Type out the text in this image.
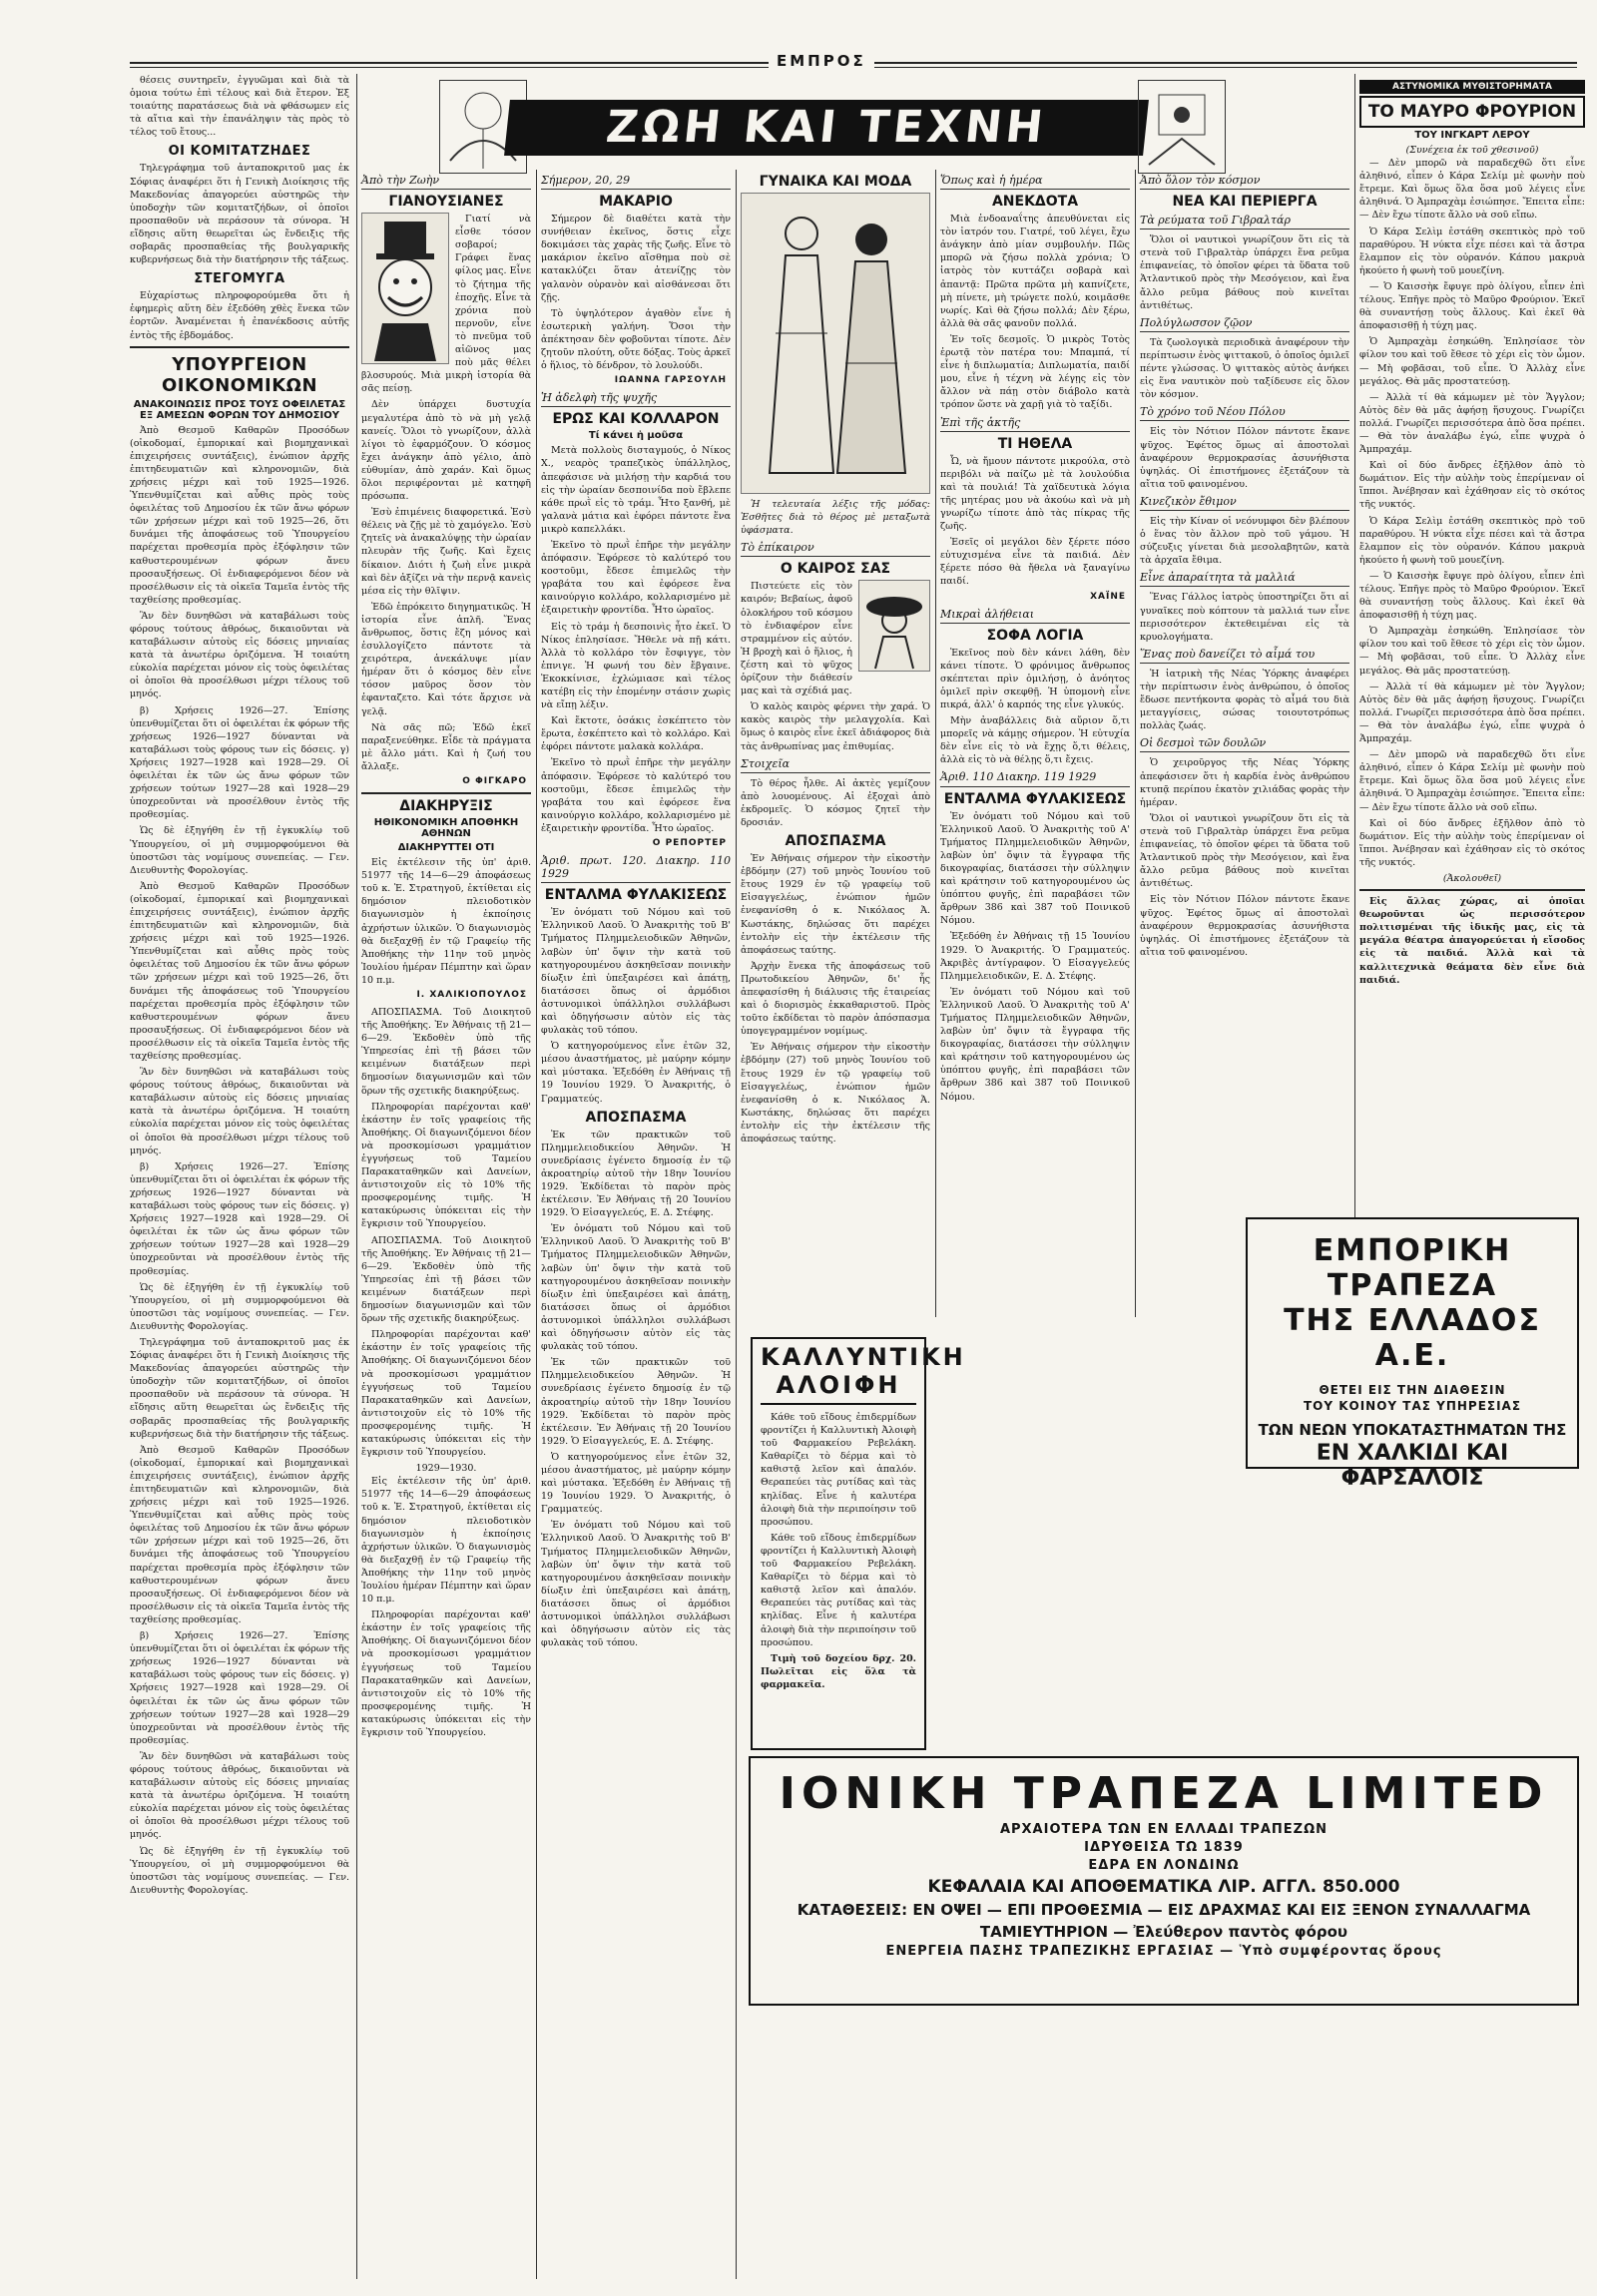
ΕΜΠΡΟΣ
ΖΩΗ ΚΑΙ ΤΕΧΝΗ

θέσεις συντηρεῖν, ἐγγυῶμαι καὶ διὰ τὰ ὁμοια τούτω ἐπὶ τέλους καὶ διὰ ἕτερον. Ἐξ τοιαύτης παρατάσεως διὰ νὰ φθάσωμεν εἰς τὰ αἴτια καὶ τὴν ἐπανάληψιν τὰς πρὸς τὸ τέλος τοῦ ἔτους...

ΟΙ ΚΟΜΙΤΑΤΖΗΔΕΣ

Τηλεγράφημα τοῦ ἀνταποκριτοῦ μας ἐκ Σόφιας ἀναφέρει ὅτι ἡ Γενικὴ Διοίκησις τῆς Μακεδονίας ἀπαγορεύει αὐστηρῶς τὴν ὑποδοχὴν τῶν κομιτατζήδων, οἱ ὁποῖοι προσπαθοῦν νὰ περάσουν τὰ σύνορα. Ἡ εἴδησις αὕτη θεωρεῖται ὡς ἔνδειξις τῆς σοβαρᾶς προσπαθείας τῆς βουλγαρικῆς κυβερνήσεως διὰ τὴν διατήρησιν τῆς τάξεως.

ΣΤΕΓΟΜΥΓΑ

Εὐχαρίστως πληροφορούμεθα ὅτι ἡ ἐφημερὶς αὕτη δὲν ἐξεδόθη χθὲς ἕνεκα τῶν ἑορτῶν. Ἀναμένεται ἡ ἐπανέκδοσις αὐτῆς ἐντὸς τῆς ἑβδομάδος.

ΥΠΟΥΡΓΕΙΟΝ ΟΙΚΟΝΟΜΙΚΩΝ
ΑΝΑΚΟΙΝΩΣΙΣ ΠΡΟΣ ΤΟΥΣ ΟΦΕΙΛΕΤΑΣ ΕΞ ΑΜΕΣΩΝ ΦΟΡΩΝ ΤΟΥ ΔΗΜΟΣΙΟΥ

Ἀπὸ Θεσμοῦ Καθαρῶν Προσόδων (οἰκοδομαί, ἐμπορικαί καὶ βιομηχανικαὶ ἐπιχειρήσεις συντάξεις), ἐνώπιον ἀρχῆς ἐπιτηδευματιῶν καὶ κληρονομιῶν, διὰ χρήσεις μέχρι καὶ τοῦ 1925—1926. Ὑπενθυμίζεται καὶ αὖθις πρὸς τοὺς ὀφειλέτας τοῦ Δημοσίου ἐκ τῶν ἄνω φόρων τῶν χρήσεων μέχρι καὶ τοῦ 1925—26, ὅτι δυνάμει τῆς ἀποφάσεως τοῦ Ὑπουργείου παρέχεται προθεσμία πρὸς ἐξόφλησιν τῶν καθυστερουμένων φόρων ἄνευ προσαυξήσεως. Οἱ ἐνδιαφερόμενοι δέον νὰ προσέλθωσιν εἰς τὰ οἰκεῖα Ταμεῖα ἐντὸς τῆς ταχθείσης προθεσμίας.

Ἂν δὲν δυνηθῶσι νὰ καταβάλωσι τοὺς φόρους τούτους ἀθρόως, δικαιοῦνται νὰ καταβάλωσιν αὐτοὺς εἰς δόσεις μηνιαίας κατὰ τὰ ἀνωτέρω ὁριζόμενα. Ἡ τοιαύτη εὐκολία παρέχεται μόνον εἰς τοὺς ὀφειλέτας οἱ ὁποῖοι θὰ προσέλθωσι μέχρι τέλους τοῦ μηνός.

β) Χρήσεις 1926—27. Ἐπίσης ὑπενθυμίζεται ὅτι οἱ ὀφειλέται ἐκ φόρων τῆς χρήσεως 1926—1927 δύνανται νὰ καταβάλωσι τοὺς φόρους των εἰς δόσεις. γ) Χρήσεις 1927—1928 καὶ 1928—29. Οἱ ὀφειλέται ἐκ τῶν ὡς ἄνω φόρων τῶν χρήσεων τούτων 1927—28 καὶ 1928—29 ὑποχρεοῦνται νὰ προσέλθουν ἐντὸς τῆς προθεσμίας.

Ὡς δὲ ἐξηγήθη ἐν τῇ ἐγκυκλίῳ τοῦ Ὑπουργείου, οἱ μὴ συμμορφούμενοι θὰ ὑποστῶσι τὰς νομίμους συνεπείας. — Γεν. Διευθυντὴς Φορολογίας.

Ἀπὸ Θεσμοῦ Καθαρῶν Προσόδων (οἰκοδομαί, ἐμπορικαί καὶ βιομηχανικαὶ ἐπιχειρήσεις συντάξεις), ἐνώπιον ἀρχῆς ἐπιτηδευματιῶν καὶ κληρονομιῶν, διὰ χρήσεις μέχρι καὶ τοῦ 1925—1926. Ὑπενθυμίζεται καὶ αὖθις πρὸς τοὺς ὀφειλέτας τοῦ Δημοσίου ἐκ τῶν ἄνω φόρων τῶν χρήσεων μέχρι καὶ τοῦ 1925—26, ὅτι δυνάμει τῆς ἀποφάσεως τοῦ Ὑπουργείου παρέχεται προθεσμία πρὸς ἐξόφλησιν τῶν καθυστερουμένων φόρων ἄνευ προσαυξήσεως. Οἱ ἐνδιαφερόμενοι δέον νὰ προσέλθωσιν εἰς τὰ οἰκεῖα Ταμεῖα ἐντὸς τῆς ταχθείσης προθεσμίας.

Ἂν δὲν δυνηθῶσι νὰ καταβάλωσι τοὺς φόρους τούτους ἀθρόως, δικαιοῦνται νὰ καταβάλωσιν αὐτοὺς εἰς δόσεις μηνιαίας κατὰ τὰ ἀνωτέρω ὁριζόμενα. Ἡ τοιαύτη εὐκολία παρέχεται μόνον εἰς τοὺς ὀφειλέτας οἱ ὁποῖοι θὰ προσέλθωσι μέχρι τέλους τοῦ μηνός.

β) Χρήσεις 1926—27. Ἐπίσης ὑπενθυμίζεται ὅτι οἱ ὀφειλέται ἐκ φόρων τῆς χρήσεως 1926—1927 δύνανται νὰ καταβάλωσι τοὺς φόρους των εἰς δόσεις. γ) Χρήσεις 1927—1928 καὶ 1928—29. Οἱ ὀφειλέται ἐκ τῶν ὡς ἄνω φόρων τῶν χρήσεων τούτων 1927—28 καὶ 1928—29 ὑποχρεοῦνται νὰ προσέλθουν ἐντὸς τῆς προθεσμίας.

Ὡς δὲ ἐξηγήθη ἐν τῇ ἐγκυκλίῳ τοῦ Ὑπουργείου, οἱ μὴ συμμορφούμενοι θὰ ὑποστῶσι τὰς νομίμους συνεπείας. — Γεν. Διευθυντὴς Φορολογίας.

Τηλεγράφημα τοῦ ἀνταποκριτοῦ μας ἐκ Σόφιας ἀναφέρει ὅτι ἡ Γενικὴ Διοίκησις τῆς Μακεδονίας ἀπαγορεύει αὐστηρῶς τὴν ὑποδοχὴν τῶν κομιτατζήδων, οἱ ὁποῖοι προσπαθοῦν νὰ περάσουν τὰ σύνορα. Ἡ εἴδησις αὕτη θεωρεῖται ὡς ἔνδειξις τῆς σοβαρᾶς προσπαθείας τῆς βουλγαρικῆς κυβερνήσεως διὰ τὴν διατήρησιν τῆς τάξεως.

Ἀπὸ Θεσμοῦ Καθαρῶν Προσόδων (οἰκοδομαί, ἐμπορικαί καὶ βιομηχανικαὶ ἐπιχειρήσεις συντάξεις), ἐνώπιον ἀρχῆς ἐπιτηδευματιῶν καὶ κληρονομιῶν, διὰ χρήσεις μέχρι καὶ τοῦ 1925—1926. Ὑπενθυμίζεται καὶ αὖθις πρὸς τοὺς ὀφειλέτας τοῦ Δημοσίου ἐκ τῶν ἄνω φόρων τῶν χρήσεων μέχρι καὶ τοῦ 1925—26, ὅτι δυνάμει τῆς ἀποφάσεως τοῦ Ὑπουργείου παρέχεται προθεσμία πρὸς ἐξόφλησιν τῶν καθυστερουμένων φόρων ἄνευ προσαυξήσεως. Οἱ ἐνδιαφερόμενοι δέον νὰ προσέλθωσιν εἰς τὰ οἰκεῖα Ταμεῖα ἐντὸς τῆς ταχθείσης προθεσμίας.

β) Χρήσεις 1926—27. Ἐπίσης ὑπενθυμίζεται ὅτι οἱ ὀφειλέται ἐκ φόρων τῆς χρήσεως 1926—1927 δύνανται νὰ καταβάλωσι τοὺς φόρους των εἰς δόσεις. γ) Χρήσεις 1927—1928 καὶ 1928—29. Οἱ ὀφειλέται ἐκ τῶν ὡς ἄνω φόρων τῶν χρήσεων τούτων 1927—28 καὶ 1928—29 ὑποχρεοῦνται νὰ προσέλθουν ἐντὸς τῆς προθεσμίας.

Ἂν δὲν δυνηθῶσι νὰ καταβάλωσι τοὺς φόρους τούτους ἀθρόως, δικαιοῦνται νὰ καταβάλωσιν αὐτοὺς εἰς δόσεις μηνιαίας κατὰ τὰ ἀνωτέρω ὁριζόμενα. Ἡ τοιαύτη εὐκολία παρέχεται μόνον εἰς τοὺς ὀφειλέτας οἱ ὁποῖοι θὰ προσέλθωσι μέχρι τέλους τοῦ μηνός.

Ὡς δὲ ἐξηγήθη ἐν τῇ ἐγκυκλίῳ τοῦ Ὑπουργείου, οἱ μὴ συμμορφούμενοι θὰ ὑποστῶσι τὰς νομίμους συνεπείας. — Γεν. Διευθυντὴς Φορολογίας.

Ἀπὸ τὴν Ζωὴν
ΓΙΑΝΟΥΣΙΑΝΕΣ

Γιατί νὰ εἶσθε τόσον σοβαροί; Γράφει ἕνας φίλος μας. Εἶνε τὸ ζήτημα τῆς ἐποχῆς. Εἶνε τὰ χρόνια ποὺ περνοῦν, εἶνε τὸ πνεῦμα τοῦ αἰῶνος μας ποὺ μᾶς θέλει βλοσυρούς. Μιὰ μικρὴ ἱστορία θὰ σᾶς πείσῃ.

Δὲν ὑπάρχει δυστυχία μεγαλυτέρα ἀπὸ τὸ νὰ μὴ γελᾷ κανείς. Ὅλοι τὸ γνωρίζουν, ἀλλὰ λίγοι τὸ ἐφαρμόζουν. Ὁ κόσμος ἔχει ἀνάγκην ἀπὸ γέλιο, ἀπὸ εὐθυμίαν, ἀπὸ χαράν. Καὶ ὅμως ὅλοι περιφέρονται μὲ κατηφῆ πρόσωπα.

Ἐσὺ ἐπιμένεις διαφορετικά. Ἐσὺ θέλεις νὰ ζῇς μὲ τὸ χαμόγελο. Ἐσὺ ζητεῖς νὰ ἀνακαλύψῃς τὴν ὡραίαν πλευρὰν τῆς ζωῆς. Καὶ ἔχεις δίκαιον. Διότι ἡ ζωὴ εἶνε μικρὰ καὶ δὲν ἀξίζει νὰ τὴν περνᾷ κανεὶς μέσα εἰς τὴν θλῖψιν.

Ἐδῶ ἐπρόκειτο διηγηματικῶς. Ἡ ἱστορία εἶνε ἁπλῆ. Ἕνας ἄνθρωπος, ὅστις ἔζη μόνος καὶ ἐσυλλογίζετο πάντοτε τὰ χειρότερα, ἀνεκάλυψε μίαν ἡμέραν ὅτι ὁ κόσμος δὲν εἶνε τόσον μαῦρος ὅσον τὸν ἐφανταζετο. Καὶ τότε ἄρχισε νὰ γελᾷ.

Νὰ σᾶς πῶ; Ἐδῶ ἐκεῖ παραξενεύθηκε. Εἶδε τὰ πράγματα μὲ ἄλλο μάτι. Καὶ ἡ ζωή του ἄλλαξε.

Ο ΦΙΓΚΑΡΟ
ΔΙΑΚΗΡΥΞΙΣ
ΗΘΙΚΟΝΟΜΙΚΗ ΑΠΟΘΗΚΗ ΑΘΗΝΩΝ
ΔΙΑΚΗΡΥΤΤΕΙ ΟΤΙ

Εἰς ἐκτέλεσιν τῆς ὑπ' ἀριθ. 51977 τῆς 14—6—29 ἀποφάσεως τοῦ κ. Ἐ. Στρατηγοῦ, ἐκτίθεται εἰς δημόσιον πλειοδοτικὸν διαγωνισμὸν ἡ ἐκποίησις ἀχρήστων ὑλικῶν. Ὁ διαγωνισμὸς θὰ διεξαχθῇ ἐν τῷ Γραφείῳ τῆς Ἀποθήκης τὴν 11ην τοῦ μηνὸς Ἰουλίου ἡμέραν Πέμπτην καὶ ὥραν 10 π.μ.

Ι. ΧΑΛΙΚΙΟΠΟΥΛΟΣ

ΑΠΟΣΠΑΣΜΑ. Τοῦ Διοικητοῦ τῆς Ἀποθήκης. Ἐν Ἀθήναις τῇ 21—6—29. Ἐκδοθὲν ὑπὸ τῆς Ὑπηρεσίας ἐπὶ τῇ βάσει τῶν κειμένων διατάξεων περὶ δημοσίων διαγωνισμῶν καὶ τῶν ὅρων τῆς σχετικῆς διακηρύξεως.

Πληροφορίαι παρέχονται καθ' ἑκάστην ἐν τοῖς γραφείοις τῆς Ἀποθήκης. Οἱ διαγωνιζόμενοι δέον νὰ προσκομίσωσι γραμμάτιον ἐγγυήσεως τοῦ Ταμείου Παρακαταθηκῶν καὶ Δανείων, ἀντιστοιχοῦν εἰς τὸ 10% τῆς προσφερομένης τιμῆς. Ἡ κατακύρωσις ὑπόκειται εἰς τὴν ἔγκρισιν τοῦ Ὑπουργείου.

ΑΠΟΣΠΑΣΜΑ. Τοῦ Διοικητοῦ τῆς Ἀποθήκης. Ἐν Ἀθήναις τῇ 21—6—29. Ἐκδοθὲν ὑπὸ τῆς Ὑπηρεσίας ἐπὶ τῇ βάσει τῶν κειμένων διατάξεων περὶ δημοσίων διαγωνισμῶν καὶ τῶν ὅρων τῆς σχετικῆς διακηρύξεως.

Πληροφορίαι παρέχονται καθ' ἑκάστην ἐν τοῖς γραφείοις τῆς Ἀποθήκης. Οἱ διαγωνιζόμενοι δέον νὰ προσκομίσωσι γραμμάτιον ἐγγυήσεως τοῦ Ταμείου Παρακαταθηκῶν καὶ Δανείων, ἀντιστοιχοῦν εἰς τὸ 10% τῆς προσφερομένης τιμῆς. Ἡ κατακύρωσις ὑπόκειται εἰς τὴν ἔγκρισιν τοῦ Ὑπουργείου.

1929—1930.

Εἰς ἐκτέλεσιν τῆς ὑπ' ἀριθ. 51977 τῆς 14—6—29 ἀποφάσεως τοῦ κ. Ἐ. Στρατηγοῦ, ἐκτίθεται εἰς δημόσιον πλειοδοτικὸν διαγωνισμὸν ἡ ἐκποίησις ἀχρήστων ὑλικῶν. Ὁ διαγωνισμὸς θὰ διεξαχθῇ ἐν τῷ Γραφείῳ τῆς Ἀποθήκης τὴν 11ην τοῦ μηνὸς Ἰουλίου ἡμέραν Πέμπτην καὶ ὥραν 10 π.μ.

Πληροφορίαι παρέχονται καθ' ἑκάστην ἐν τοῖς γραφείοις τῆς Ἀποθήκης. Οἱ διαγωνιζόμενοι δέον νὰ προσκομίσωσι γραμμάτιον ἐγγυήσεως τοῦ Ταμείου Παρακαταθηκῶν καὶ Δανείων, ἀντιστοιχοῦν εἰς τὸ 10% τῆς προσφερομένης τιμῆς. Ἡ κατακύρωσις ὑπόκειται εἰς τὴν ἔγκρισιν τοῦ Ὑπουργείου.

Σήμερον, 20, 29
ΜΑΚΑΡΙΟ

Σήμερον δὲ διαθέτει κατὰ τὴν συνήθειαν ἐκεῖνος, ὅστις εἶχε δοκιμάσει τὰς χαρὰς τῆς ζωῆς. Εἶνε τὸ μακάριον ἐκεῖνο αἴσθημα ποὺ σὲ κατακλύζει ὅταν ἀτενίζῃς τὸν γαλανὸν οὐρανὸν καὶ αἰσθάνεσαι ὅτι ζῇς.

Τὸ ὑψηλότερον ἀγαθὸν εἶνε ἡ ἐσωτερικὴ γαλήνη. Ὅσοι τὴν ἀπέκτησαν δὲν φοβοῦνται τίποτε. Δὲν ζητοῦν πλούτη, οὔτε δόξας. Τοὺς ἀρκεῖ ὁ ἥλιος, τὸ δένδρον, τὸ λουλούδι.

ΙΩΑΝΝΑ ΓΑΡΣΟΥΛΗ
Ἡ ἀδελφὴ τῆς ψυχῆς
ΕΡΩΣ ΚΑΙ ΚΟΛΛΑΡΟΝ
Τί κάνει ἡ μοῦσα

Μετὰ πολλοὺς δισταγμούς, ὁ Νίκος Χ., νεαρὸς τραπεζικὸς ὑπάλληλος, ἀπεφάσισε νὰ μιλήσῃ τὴν καρδιά του εἰς τὴν ὡραίαν δεσποινίδα ποὺ ἔβλεπε κάθε πρωῒ εἰς τὸ τράμ. Ἦτο ξανθή, μὲ γαλανὰ μάτια καὶ ἐφόρει πάντοτε ἕνα μικρὸ καπελλάκι.

Ἐκεῖνο τὸ πρωῒ ἐπῆρε τὴν μεγάλην ἀπόφασιν. Ἐφόρεσε τὸ καλύτερό του κοστοῦμι, ἔδεσε ἐπιμελῶς τὴν γραβάτα του καὶ ἐφόρεσε ἕνα καινούργιο κολλάρο, κολλαρισμένο μὲ ἐξαιρετικὴν φροντίδα. Ἦτο ὡραῖος.

Εἰς τὸ τράμ ἡ δεσποινὶς ἦτο ἐκεῖ. Ὁ Νίκος ἐπλησίασε. Ἤθελε νὰ πῇ κάτι. Ἀλλὰ τὸ κολλάρο τὸν ἔσφιγγε, τὸν ἐπνιγε. Ἡ φωνή του δὲν ἔβγαινε. Ἐκοκκίνισε, ἐχλώμιασε καὶ τέλος κατέβη εἰς τὴν ἑπομένην στάσιν χωρὶς νὰ εἴπῃ λέξιν.

Καὶ ἔκτοτε, ὁσάκις ἐσκέπτετο τὸν ἔρωτα, ἐσκέπτετο καὶ τὸ κολλάρο. Καὶ ἐφόρει πάντοτε μαλακὰ κολλάρα.

Ἐκεῖνο τὸ πρωῒ ἐπῆρε τὴν μεγάλην ἀπόφασιν. Ἐφόρεσε τὸ καλύτερό του κοστοῦμι, ἔδεσε ἐπιμελῶς τὴν γραβάτα του καὶ ἐφόρεσε ἕνα καινούργιο κολλάρο, κολλαρισμένο μὲ ἐξαιρετικὴν φροντίδα. Ἦτο ὡραῖος.

Ο ΡΕΠΟΡΤΕΡ
Ἀριθ. πρωτ. 120. Διακηρ. 110 1929
ΕΝΤΑΛΜΑ ΦΥΛΑΚΙΣΕΩΣ

Ἐν ὀνόματι τοῦ Νόμου καὶ τοῦ Ἑλληνικοῦ Λαοῦ. Ὁ Ἀνακριτὴς τοῦ Β' Τμήματος Πλημμελειοδικῶν Ἀθηνῶν, λαβὼν ὑπ' ὄψιν τὴν κατὰ τοῦ κατηγορουμένου ἀσκηθεῖσαν ποινικὴν δίωξιν ἐπὶ ὑπεξαιρέσει καὶ ἀπάτῃ, διατάσσει ὅπως οἱ ἁρμόδιοι ἀστυνομικοὶ ὑπάλληλοι συλλάβωσι καὶ ὁδηγήσωσιν αὐτὸν εἰς τὰς φυλακὰς τοῦ τόπου.

Ὁ κατηγορούμενος εἶνε ἐτῶν 32, μέσου ἀναστήματος, μὲ μαύρην κόμην καὶ μύστακα. Ἐξεδόθη ἐν Ἀθήναις τῇ 19 Ἰουνίου 1929. Ὁ Ἀνακριτής, ὁ Γραμματεύς.

ΑΠΟΣΠΑΣΜΑ

Ἐκ τῶν πρακτικῶν τοῦ Πλημμελειοδικείου Ἀθηνῶν. Ἡ συνεδρίασις ἐγένετο δημοσίᾳ ἐν τῷ ἀκροατηρίῳ αὐτοῦ τὴν 18ην Ἰουνίου 1929. Ἐκδίδεται τὸ παρὸν πρὸς ἐκτέλεσιν. Ἐν Ἀθήναις τῇ 20 Ἰουνίου 1929. Ὁ Εἰσαγγελεύς, Ε. Δ. Στέφης.

Ἐν ὀνόματι τοῦ Νόμου καὶ τοῦ Ἑλληνικοῦ Λαοῦ. Ὁ Ἀνακριτὴς τοῦ Β' Τμήματος Πλημμελειοδικῶν Ἀθηνῶν, λαβὼν ὑπ' ὄψιν τὴν κατὰ τοῦ κατηγορουμένου ἀσκηθεῖσαν ποινικὴν δίωξιν ἐπὶ ὑπεξαιρέσει καὶ ἀπάτῃ, διατάσσει ὅπως οἱ ἁρμόδιοι ἀστυνομικοὶ ὑπάλληλοι συλλάβωσι καὶ ὁδηγήσωσιν αὐτὸν εἰς τὰς φυλακὰς τοῦ τόπου.

Ἐκ τῶν πρακτικῶν τοῦ Πλημμελειοδικείου Ἀθηνῶν. Ἡ συνεδρίασις ἐγένετο δημοσίᾳ ἐν τῷ ἀκροατηρίῳ αὐτοῦ τὴν 18ην Ἰουνίου 1929. Ἐκδίδεται τὸ παρὸν πρὸς ἐκτέλεσιν. Ἐν Ἀθήναις τῇ 20 Ἰουνίου 1929. Ὁ Εἰσαγγελεύς, Ε. Δ. Στέφης.

Ὁ κατηγορούμενος εἶνε ἐτῶν 32, μέσου ἀναστήματος, μὲ μαύρην κόμην καὶ μύστακα. Ἐξεδόθη ἐν Ἀθήναις τῇ 19 Ἰουνίου 1929. Ὁ Ἀνακριτής, ὁ Γραμματεύς.

Ἐν ὀνόματι τοῦ Νόμου καὶ τοῦ Ἑλληνικοῦ Λαοῦ. Ὁ Ἀνακριτὴς τοῦ Β' Τμήματος Πλημμελειοδικῶν Ἀθηνῶν, λαβὼν ὑπ' ὄψιν τὴν κατὰ τοῦ κατηγορουμένου ἀσκηθεῖσαν ποινικὴν δίωξιν ἐπὶ ὑπεξαιρέσει καὶ ἀπάτῃ, διατάσσει ὅπως οἱ ἁρμόδιοι ἀστυνομικοὶ ὑπάλληλοι συλλάβωσι καὶ ὁδηγήσωσιν αὐτὸν εἰς τὰς φυλακὰς τοῦ τόπου.

ΓΥΝΑΙΚΑ ΚΑΙ ΜΟΔΑ

Ἡ τελευταία λέξις τῆς μόδας: Ἐσθῆτες διὰ τὸ θέρος μὲ μεταξωτὰ ὑφάσματα.

Τὸ ἐπίκαιρον
Ο ΚΑΙΡΟΣ ΣΑΣ

Πιστεύετε εἰς τὸν καιρόν; Βεβαίως, ἀφοῦ ὁλοκλήρου τοῦ κόσμου τὸ ἐνδιαφέρον εἶνε στραμμένον εἰς αὐτόν. Ἡ βροχὴ καὶ ὁ ἥλιος, ἡ ζέστη καὶ τὸ ψῦχος ὁρίζουν τὴν διάθεσίν μας καὶ τὰ σχέδιά μας.

Ὁ καλὸς καιρὸς φέρνει τὴν χαρά. Ὁ κακὸς καιρὸς τὴν μελαγχολία. Καὶ ὅμως ὁ καιρὸς εἶνε ἐκεῖ ἀδιάφορος διὰ τὰς ἀνθρωπίνας μας ἐπιθυμίας.

Στοιχεῖα

Τὸ θέρος ἦλθε. Αἱ ἀκτὲς γεμίζουν ἀπὸ λουομένους. Αἱ ἐξοχαὶ ἀπὸ ἐκδρομεῖς. Ὁ κόσμος ζητεῖ τὴν δροσιάν.

ΑΠΟΣΠΑΣΜΑ

Ἐν Ἀθήναις σήμερον τὴν εἰκοστὴν ἐβδόμην (27) τοῦ μηνὸς Ἰουνίου τοῦ ἔτους 1929 ἐν τῷ γραφείῳ τοῦ Εἰσαγγελέως, ἐνώπιον ἡμῶν ἐνεφανίσθη ὁ κ. Νικόλαος Ἀ. Κωστάκης, δηλώσας ὅτι παρέχει ἐντολὴν εἰς τὴν ἐκτέλεσιν τῆς ἀποφάσεως ταύτης.

Ἀρχὴν ἕνεκα τῆς ἀποφάσεως τοῦ Πρωτοδικείου Ἀθηνῶν, δι' ἧς ἀπεφασίσθη ἡ διάλυσις τῆς ἑταιρείας καὶ ὁ διορισμὸς ἐκκαθαριστοῦ. Πρὸς τοῦτο ἐκδίδεται τὸ παρὸν ἀπόσπασμα ὑπογεγραμμένον νομίμως.

Ἐν Ἀθήναις σήμερον τὴν εἰκοστὴν ἐβδόμην (27) τοῦ μηνὸς Ἰουνίου τοῦ ἔτους 1929 ἐν τῷ γραφείῳ τοῦ Εἰσαγγελέως, ἐνώπιον ἡμῶν ἐνεφανίσθη ὁ κ. Νικόλαος Ἀ. Κωστάκης, δηλώσας ὅτι παρέχει ἐντολὴν εἰς τὴν ἐκτέλεσιν τῆς ἀποφάσεως ταύτης.

ΚΑΛΛΥΝΤΙΚΗ ΑΛΟΙΦΗ

Κάθε τοῦ εἴδους ἐπιδερμίδων φροντίζει ἡ Καλλυντικὴ Ἀλοιφὴ τοῦ Φαρμακείου Ρεβελάκη. Καθαρίζει τὸ δέρμα καὶ τὸ καθιστᾷ λεῖον καὶ ἁπαλόν. Θεραπεύει τὰς ρυτίδας καὶ τὰς κηλίδας. Εἶνε ἡ καλυτέρα ἀλοιφὴ διὰ τὴν περιποίησιν τοῦ προσώπου.

Κάθε τοῦ εἴδους ἐπιδερμίδων φροντίζει ἡ Καλλυντικὴ Ἀλοιφὴ τοῦ Φαρμακείου Ρεβελάκη. Καθαρίζει τὸ δέρμα καὶ τὸ καθιστᾷ λεῖον καὶ ἁπαλόν. Θεραπεύει τὰς ρυτίδας καὶ τὰς κηλίδας. Εἶνε ἡ καλυτέρα ἀλοιφὴ διὰ τὴν περιποίησιν τοῦ προσώπου.

Τιμὴ τοῦ δοχείου δρχ. 20. Πωλεῖται εἰς ὅλα τὰ φαρμακεῖα.

Ὅπως καὶ ἡ ἡμέρα
ΑΝΕΚΔΟΤΑ

Μιὰ ἐνδοαναΐτης ἀπευθύνεται εἰς τὸν ἰατρόν του. Γιατρέ, τοῦ λέγει, ἔχω ἀνάγκην ἀπὸ μίαν συμβουλήν. Πῶς μπορῶ νὰ ζήσω πολλὰ χρόνια; Ὁ ἰατρὸς τὸν κυττάζει σοβαρὰ καὶ ἀπαντᾷ: Πρῶτα πρῶτα μὴ καπνίζετε, μὴ πίνετε, μὴ τρώγετε πολύ, κοιμᾶσθε νωρίς. Καὶ θὰ ζήσω πολλά; Δὲν ξέρω, ἀλλὰ θὰ σᾶς φανοῦν πολλά.

Ἐν τοῖς δεσμοῖς. Ὁ μικρὸς Τοτὸς ἐρωτᾷ τὸν πατέρα του: Μπαμπά, τί εἶνε ἡ διπλωματία; Διπλωματία, παιδί μου, εἶνε ἡ τέχνη νὰ λέγῃς εἰς τὸν ἄλλον νὰ πάῃ στὸν διάβολο κατὰ τρόπον ὥστε νὰ χαρῇ γιὰ τὸ ταξίδι.

Ἐπὶ τῆς ἀκτῆς
ΤΙ ΗΘΕΛΑ

Ὦ, νὰ ἤμουν πάντοτε μικρούλα, στὸ περιβόλι νὰ παίζω μὲ τὰ λουλούδια καὶ τὰ πουλιά! Τὰ χαϊδευτικὰ λόγια τῆς μητέρας μου νὰ ἀκούω καὶ νὰ μὴ γνωρίζω τίποτε ἀπὸ τὰς πίκρας τῆς ζωῆς.

Ἐσεῖς οἱ μεγάλοι δὲν ξέρετε πόσο εὐτυχισμένα εἶνε τὰ παιδιά. Δὲν ξέρετε πόσο θὰ ἤθελα νὰ ξαναγίνω παιδί.

ΧΑΪΝΕ
Μικραὶ ἀλήθειαι
ΣΟΦΑ ΛΟΓΙΑ

Ἐκεῖνος ποὺ δὲν κάνει λάθη, δὲν κάνει τίποτε. Ὁ φρόνιμος ἄνθρωπος σκέπτεται πρὶν ὁμιλήσῃ, ὁ ἀνόητος ὁμιλεῖ πρὶν σκεφθῇ. Ἡ ὑπομονὴ εἶνε πικρά, ἀλλ' ὁ καρπός της εἶνε γλυκύς.

Μὴν ἀναβάλλεις διὰ αὔριον ὅ,τι μπορεῖς νὰ κάμῃς σήμερον. Ἡ εὐτυχία δὲν εἶνε εἰς τὸ νὰ ἔχῃς ὅ,τι θέλεις, ἀλλὰ εἰς τὸ νὰ θέλῃς ὅ,τι ἔχεις.

Ἀριθ. 110 Διακηρ. 119 1929
ΕΝΤΑΛΜΑ ΦΥΛΑΚΙΣΕΩΣ

Ἐν ὀνόματι τοῦ Νόμου καὶ τοῦ Ἑλληνικοῦ Λαοῦ. Ὁ Ἀνακριτὴς τοῦ Α' Τμήματος Πλημμελειοδικῶν Ἀθηνῶν, λαβὼν ὑπ' ὄψιν τὰ ἔγγραφα τῆς δικογραφίας, διατάσσει τὴν σύλληψιν καὶ κράτησιν τοῦ κατηγορουμένου ὡς ὑπόπτου φυγῆς, ἐπὶ παραβάσει τῶν ἄρθρων 386 καὶ 387 τοῦ Ποινικοῦ Νόμου.

Ἐξεδόθη ἐν Ἀθήναις τῇ 15 Ἰουνίου 1929. Ὁ Ἀνακριτής. Ὁ Γραμματεύς. Ἀκριβὲς ἀντίγραφον. Ὁ Εἰσαγγελεύς Πλημμελειοδικῶν, Ε. Δ. Στέφης.

Ἐν ὀνόματι τοῦ Νόμου καὶ τοῦ Ἑλληνικοῦ Λαοῦ. Ὁ Ἀνακριτὴς τοῦ Α' Τμήματος Πλημμελειοδικῶν Ἀθηνῶν, λαβὼν ὑπ' ὄψιν τὰ ἔγγραφα τῆς δικογραφίας, διατάσσει τὴν σύλληψιν καὶ κράτησιν τοῦ κατηγορουμένου ὡς ὑπόπτου φυγῆς, ἐπὶ παραβάσει τῶν ἄρθρων 386 καὶ 387 τοῦ Ποινικοῦ Νόμου.

Ἀπὸ ὅλον τὸν κόσμον
ΝΕΑ ΚΑΙ ΠΕΡΙΕΡΓΑ
Τὰ ρεύματα τοῦ Γιβραλτάρ

Ὅλοι οἱ ναυτικοὶ γνωρίζουν ὅτι εἰς τὰ στενὰ τοῦ Γιβραλτὰρ ὑπάρχει ἕνα ρεῦμα ἐπιφανείας, τὸ ὁποῖον φέρει τὰ ὕδατα τοῦ Ἀτλαντικοῦ πρὸς τὴν Μεσόγειον, καὶ ἕνα ἄλλο ρεῦμα βάθους ποὺ κινεῖται ἀντιθέτως.

Πολύγλωσσον ζῷον

Τὰ ζωολογικὰ περιοδικὰ ἀναφέρουν τὴν περίπτωσιν ἑνὸς ψιττακοῦ, ὁ ὁποῖος ὁμιλεῖ πέντε γλώσσας. Ὁ ψιττακὸς αὐτὸς ἀνήκει εἰς ἕνα ναυτικὸν ποὺ ταξίδευσε εἰς ὅλον τὸν κόσμον.

Τὸ χρόνο τοῦ Νέου Πόλου

Εἰς τὸν Νότιον Πόλον πάντοτε ἔκανε ψῦχος. Ἐφέτος ὅμως αἱ ἀποστολαὶ ἀναφέρουν θερμοκρασίας ἀσυνήθιστα ὑψηλάς. Οἱ ἐπιστήμονες ἐξετάζουν τὰ αἴτια τοῦ φαινομένου.

Κινεζικὸν ἔθιμον

Εἰς τὴν Κίναν οἱ νεόνυμφοι δὲν βλέπουν ὁ ἕνας τὸν ἄλλον πρὸ τοῦ γάμου. Ἡ σύζευξις γίνεται διὰ μεσολαβητῶν, κατὰ τὰ ἀρχαῖα ἔθιμα.

Εἶνε ἀπαραίτητα τὰ μαλλιά

Ἕνας Γάλλος ἰατρὸς ὑποστηρίζει ὅτι αἱ γυναῖκες ποὺ κόπτουν τὰ μαλλιά των εἶνε περισσότερον ἐκτεθειμέναι εἰς τὰ κρυολογήματα.

Ἕνας ποὺ δανείζει τὸ αἷμά του

Ἡ ἱατρικὴ τῆς Νέας Ὑόρκης ἀναφέρει τὴν περίπτωσιν ἑνὸς ἀνθρώπου, ὁ ὁποῖος ἔδωσε πεντήκοντα φορὰς τὸ αἷμά του διὰ μεταγγίσεις, σώσας τοιουτοτρόπως πολλὰς ζωάς.

Οἱ δεσμοὶ τῶν δουλῶν

Ὁ χειροῦργος τῆς Νέας Ὑόρκης ἀπεφάσισεν ὅτι ἡ καρδία ἑνὸς ἀνθρώπου κτυπᾷ περίπου ἑκατὸν χιλιάδας φορὰς τὴν ἡμέραν.

Ὅλοι οἱ ναυτικοὶ γνωρίζουν ὅτι εἰς τὰ στενὰ τοῦ Γιβραλτὰρ ὑπάρχει ἕνα ρεῦμα ἐπιφανείας, τὸ ὁποῖον φέρει τὰ ὕδατα τοῦ Ἀτλαντικοῦ πρὸς τὴν Μεσόγειον, καὶ ἕνα ἄλλο ρεῦμα βάθους ποὺ κινεῖται ἀντιθέτως.

Εἰς τὸν Νότιον Πόλον πάντοτε ἔκανε ψῦχος. Ἐφέτος ὅμως αἱ ἀποστολαὶ ἀναφέρουν θερμοκρασίας ἀσυνήθιστα ὑψηλάς. Οἱ ἐπιστήμονες ἐξετάζουν τὰ αἴτια τοῦ φαινομένου.

ΑΣΤΥΝΟΜΙΚΑ ΜΥΘΙΣΤΟΡΗΜΑΤΑ
ΤΟ ΜΑΥΡΟ ΦΡΟΥΡΙΟΝ
ΤΟΥ ΙΝΓΚΑΡΤ ΛΕΡΟΥ
(Συνέχεια ἐκ τοῦ χθεσινοῦ)

— Δὲν μπορῶ νὰ παραδεχθῶ ὅτι εἶνε ἀληθινό, εἶπεν ὁ Κάρα Σελίμ μὲ φωνὴν ποὺ ἔτρεμε. Καὶ ὅμως ὅλα ὅσα μοῦ λέγεις εἶνε ἀληθινά. Ὁ Ἀμπραχὰμ ἐσιώπησε. Ἔπειτα εἶπε: — Δὲν ἔχω τίποτε ἄλλο νὰ σοῦ εἴπω.

Ὁ Κάρα Σελὶμ ἐστάθη σκεπτικὸς πρὸ τοῦ παραθύρου. Ἡ νύκτα εἶχε πέσει καὶ τὰ ἄστρα ἔλαμπον εἰς τὸν οὐρανόν. Κάπου μακρυὰ ἠκούετο ἡ φωνὴ τοῦ μουεζίνη.

— Ὁ Καισσὴκ ἔφυγε πρὸ ὀλίγου, εἶπεν ἐπὶ τέλους. Ἐπῆγε πρὸς τὸ Μαῦρο Φρούριον. Ἐκεῖ θὰ συναντήσῃ τοὺς ἄλλους. Καὶ ἐκεῖ θὰ ἀποφασισθῇ ἡ τύχη μας.

Ὁ Ἀμπραχὰμ ἐσηκώθη. Ἐπλησίασε τὸν φίλον του καὶ τοῦ ἔθεσε τὸ χέρι εἰς τὸν ὦμον. — Μὴ φοβᾶσαι, τοῦ εἶπε. Ὁ Ἀλλὰχ εἶνε μεγάλος. Θὰ μᾶς προστατεύσῃ.

— Ἀλλὰ τί θὰ κάμωμεν μὲ τὸν Ἄγγλον; Αὐτὸς δὲν θὰ μᾶς ἀφήσῃ ἥσυχους. Γνωρίζει πολλά. Γνωρίζει περισσότερα ἀπὸ ὅσα πρέπει. — Θὰ τὸν ἀναλάβω ἐγώ, εἶπε ψυχρὰ ὁ Ἀμπραχάμ.

Καὶ οἱ δύο ἄνδρες ἐξῆλθον ἀπὸ τὸ δωμάτιον. Εἰς τὴν αὐλὴν τοὺς ἐπερίμεναν οἱ ἵπποι. Ἀνέβησαν καὶ ἐχάθησαν εἰς τὸ σκότος τῆς νυκτός.

Ὁ Κάρα Σελὶμ ἐστάθη σκεπτικὸς πρὸ τοῦ παραθύρου. Ἡ νύκτα εἶχε πέσει καὶ τὰ ἄστρα ἔλαμπον εἰς τὸν οὐρανόν. Κάπου μακρυὰ ἠκούετο ἡ φωνὴ τοῦ μουεζίνη.

— Ὁ Καισσὴκ ἔφυγε πρὸ ὀλίγου, εἶπεν ἐπὶ τέλους. Ἐπῆγε πρὸς τὸ Μαῦρο Φρούριον. Ἐκεῖ θὰ συναντήσῃ τοὺς ἄλλους. Καὶ ἐκεῖ θὰ ἀποφασισθῇ ἡ τύχη μας.

Ὁ Ἀμπραχὰμ ἐσηκώθη. Ἐπλησίασε τὸν φίλον του καὶ τοῦ ἔθεσε τὸ χέρι εἰς τὸν ὦμον. — Μὴ φοβᾶσαι, τοῦ εἶπε. Ὁ Ἀλλὰχ εἶνε μεγάλος. Θὰ μᾶς προστατεύσῃ.

— Ἀλλὰ τί θὰ κάμωμεν μὲ τὸν Ἄγγλον; Αὐτὸς δὲν θὰ μᾶς ἀφήσῃ ἥσυχους. Γνωρίζει πολλά. Γνωρίζει περισσότερα ἀπὸ ὅσα πρέπει. — Θὰ τὸν ἀναλάβω ἐγώ, εἶπε ψυχρὰ ὁ Ἀμπραχάμ.

— Δὲν μπορῶ νὰ παραδεχθῶ ὅτι εἶνε ἀληθινό, εἶπεν ὁ Κάρα Σελίμ μὲ φωνὴν ποὺ ἔτρεμε. Καὶ ὅμως ὅλα ὅσα μοῦ λέγεις εἶνε ἀληθινά. Ὁ Ἀμπραχὰμ ἐσιώπησε. Ἔπειτα εἶπε: — Δὲν ἔχω τίποτε ἄλλο νὰ σοῦ εἴπω.

Καὶ οἱ δύο ἄνδρες ἐξῆλθον ἀπὸ τὸ δωμάτιον. Εἰς τὴν αὐλὴν τοὺς ἐπερίμεναν οἱ ἵπποι. Ἀνέβησαν καὶ ἐχάθησαν εἰς τὸ σκότος τῆς νυκτός.

(Ἀκολουθεῖ)

Εἰς ἄλλας χώρας, αἱ ὁποῖαι θεωροῦνται ὡς περισσότερον πολιτισμέναι τῆς ἰδικῆς μας, εἰς τὰ μεγάλα θέατρα ἀπαγορεύεται ἡ εἴσοδος εἰς τὰ παιδιά. Ἀλλὰ καὶ τὰ καλλιτεχνικὰ θεάματα δὲν εἶνε διὰ παιδιά.

ΕΜΠΟΡΙΚΗ ΤΡΑΠΕΖΑ
ΤΗΣ ΕΛΛΑΔΟΣ Α.Ε.
ΘΕΤΕΙ ΕΙΣ ΤΗΝ ΔΙΑΘΕΣΙΝ
ΤΟΥ ΚΟΙΝΟΥ ΤΑΣ ΥΠΗΡΕΣΙΑΣ
ΤΩΝ ΝΕΩΝ ΥΠΟΚΑΤΑΣΤΗΜΑΤΩΝ ΤΗΣ
ΕΝ ΧΑΛΚΙΔΙ ΚΑΙ ΦΑΡΣΑΛΟΙΣ
ΙΟΝΙΚΗ ΤΡΑΠΕΖΑ LIMITED
ΑΡΧΑΙΟΤΕΡΑ ΤΩΝ ΕΝ ΕΛΛΑΔΙ ΤΡΑΠΕΖΩΝ
ΙΔΡΥΘΕΙΣΑ ΤΩ 1839
ΕΔΡΑ ΕΝ ΛΟΝΔΙΝΩ
ΚΕΦΑΛΑΙΑ ΚΑΙ ΑΠΟΘΕΜΑΤΙΚΑ ΛΙΡ. ΑΓΓΛ. 850.000
ΚΑΤΑΘΕΣΕΙΣ: ΕΝ ΟΨΕΙ — ΕΠΙ ΠΡΟΘΕΣΜΙΑ — ΕΙΣ ΔΡΑΧΜΑΣ ΚΑΙ ΕΙΣ ΞΕΝΟΝ ΣΥΝΑΛΛΑΓΜΑ
ΤΑΜΙΕΥΤΗΡΙΟΝ — Ἐλεύθερον παντὸς φόρου
ΕΝΕΡΓΕΙΑ ΠΑΣΗΣ ΤΡΑΠΕΖΙΚΗΣ ΕΡΓΑΣΙΑΣ — Ὑπὸ συμφέροντας ὅρους
